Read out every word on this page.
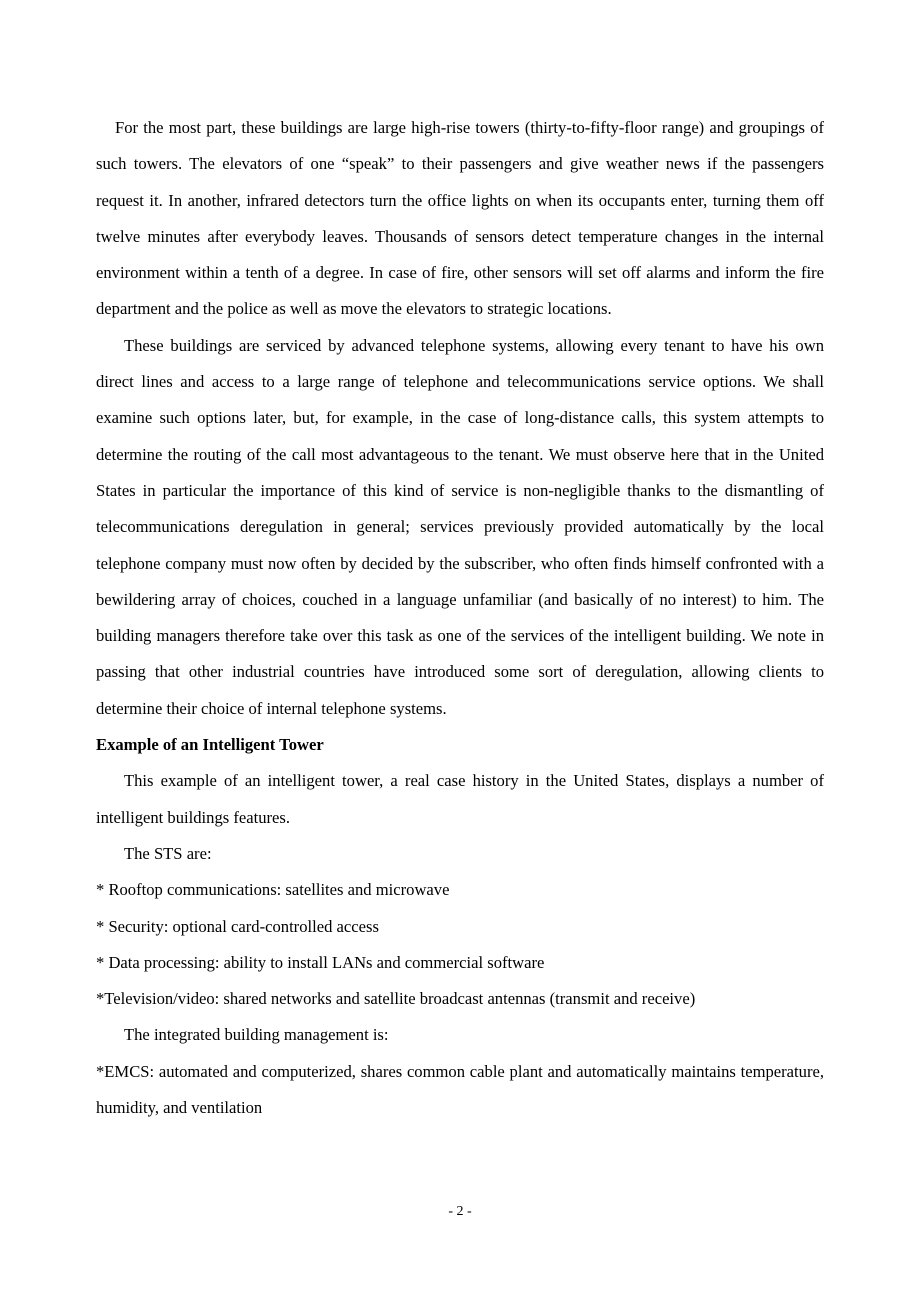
For the most part, these buildings are large high-rise towers (thirty-to-fifty-floor range) and groupings of such towers. The elevators of one “speak” to their passengers and give weather news if the passengers request it. In another, infrared detectors turn the office lights on when its occupants enter, turning them off twelve minutes after everybody leaves. Thousands of sensors detect temperature changes in the internal environment within a tenth of a degree. In case of fire, other sensors will set off alarms and inform the fire department and the police as well as move the elevators to strategic locations.

These buildings are serviced by advanced telephone systems, allowing every tenant to have his own direct lines and access to a large range of telephone and telecommunications service options. We shall examine such options later, but, for example, in the case of long-distance calls, this system attempts to determine the routing of the call most advantageous to the tenant. We must observe here that in the United States in particular the importance of this kind of service is non-negligible thanks to the dismantling of telecommunications deregulation in general; services previously provided automatically by the local telephone company must now often by decided by the subscriber, who often finds himself confronted with a bewildering array of choices, couched in a language unfamiliar (and basically of no interest) to him. The building managers therefore take over this task as one of the services of the intelligent building. We note in passing that other industrial countries have introduced some sort of deregulation, allowing clients to determine their choice of internal telephone systems.

Example of an Intelligent Tower

This example of an intelligent tower, a real case history in the United States, displays a number of intelligent buildings features.

The STS are:

* Rooftop communications: satellites and microwave

* Security: optional card-controlled access

* Data processing: ability to install LANs and commercial software

*Television/video: shared networks and satellite broadcast antennas (transmit and receive)

The integrated building management is:

*EMCS: automated and computerized, shares common cable plant and automatically maintains temperature, humidity, and ventilation

- 2 -
